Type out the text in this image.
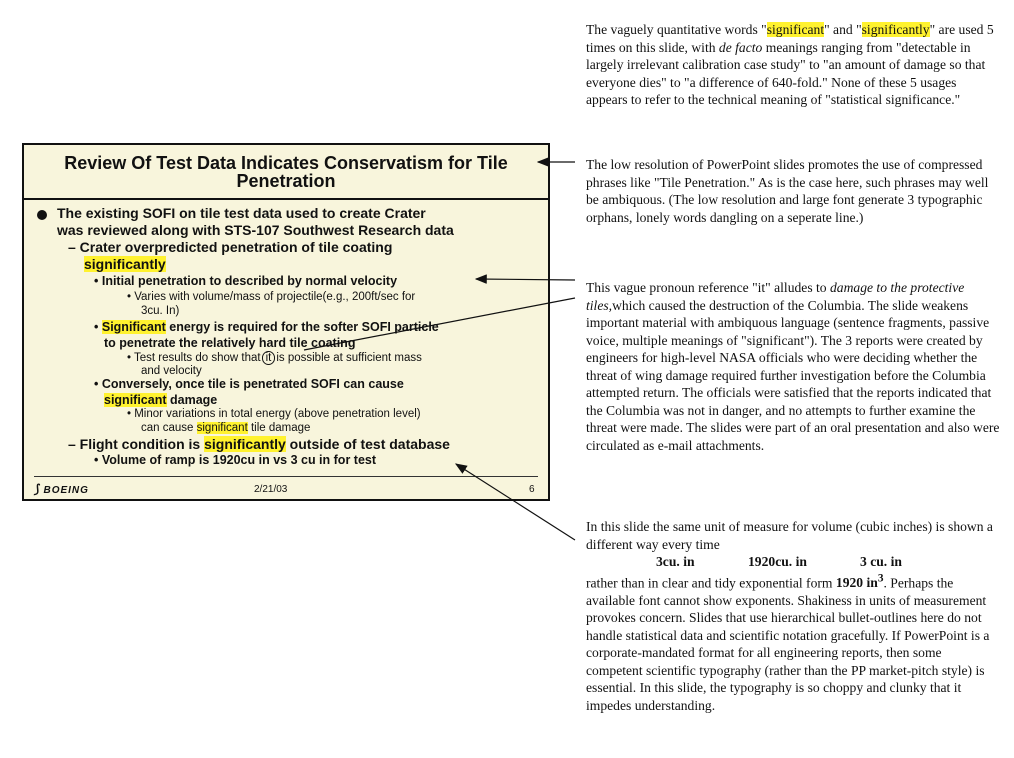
Review Of Test Data Indicates Conservatism for Tile
Penetration
The existing SOFI on tile test data used to create Crater
was reviewed along with STS-107 Southwest Research data
– Crater overpredicted penetration of tile coating
significantly
• Initial penetration to described by normal velocity
• Varies with volume/mass of projectile(e.g., 200ft/sec for
3cu. In)
• Significant energy is required for the softer SOFI particle
to penetrate the relatively hard tile coating
• Test results do show that it is possible at sufficient mass
and velocity
• Conversely, once tile is penetrated SOFI can cause
significant damage
• Minor variations in total energy (above penetration level)
can cause significant tile damage
– Flight condition is significantly outside of test database
• Volume of ramp is 1920cu in vs 3 cu in for test
⟆ BOEING	2/21/03	6

The vaguely quantitative words "significant" and "significantly" are used 5 times on this slide, with de facto meanings ranging from "detectable in largely irrelevant calibration case study" to "an amount of damage so that everyone dies" to "a difference of 640-fold." None of these 5 usages appears to refer to the technical meaning of "statistical significance."

The low resolution of PowerPoint slides promotes the use of compressed phrases like "Tile Penetration." As is the case here, such phrases may well be ambiquous. (The low resolution and large font generate 3 typographic orphans, lonely words dangling on a seperate line.)

This vague pronoun reference "it" alludes to damage to the protective tiles,which caused the destruction of the Columbia. The slide weakens important material with ambiquous language (sentence fragments, passive voice, multiple meanings of "significant"). The 3 reports were created by engineers for high-level NASA officials who were deciding whether the threat of wing damage required further investigation before the Columbia attempted return. The officials were satisfied that the reports indicated that the Columbia was not in danger, and no attempts to further examine the threat were made. The slides were part of an oral presentation and also were circulated as e-mail attachments.

In this slide the same unit of measure for volume (cubic inches) is shown a different way every time

3cu. in	1920cu. in	3 cu. in

rather than in clear and tidy exponential form 1920 $in^3$. Perhaps the available font cannot show exponents. Shakiness in units of measurement provokes concern. Slides that use hierarchical bullet-outlines here do not handle statistical data and scientific notation gracefully. If PowerPoint is a corporate-mandated format for all engineering reports, then some competent scientific typography (rather than the PP market-pitch style) is essential. In this slide, the typography is so choppy and clunky that it impedes understanding.
